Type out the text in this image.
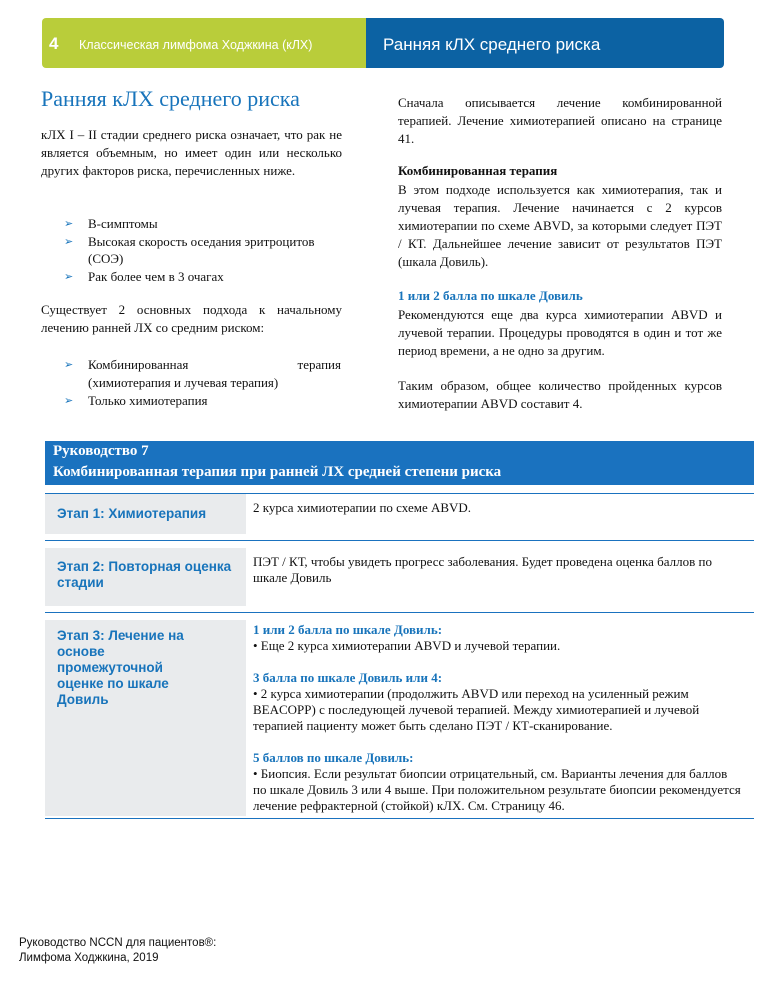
4 Классическая лимфома Ходжкина (кЛХ)	Ранняя кЛХ среднего риска
Ранняя кЛХ среднего риска
кЛХ I – II стадии среднего риска означает, что рак не является объемным, но имеет один или несколько других факторов риска, перечисленных ниже.
➢ В-симптомы
➢ Высокая скорость оседания эритроцитов
(СОЭ)
➢ Рак более чем в 3 очагах
Существует 2 основных подхода к начальному лечению ранней ЛХ со средним риском:
➢ Комбинированная терапия
(химиотерапия и лучевая терапия)
➢ Только химиотерапия
Сначала описывается лечение комбинированной терапией. Лечение химиотерапией описано на странице 41.
Комбинированная терапия
В этом подходе используется как химиотерапия, так и лучевая терапия. Лечение начинается с 2 курсов химиотерапии по схеме ABVD, за которыми следует ПЭТ / КТ. Дальнейшее лечение зависит от результатов ПЭТ (шкала Довиль).
1 или 2 балла по шкале Довиль
Рекомендуются еще два курса химиотерапии ABVD и лучевой терапии. Процедуры проводятся в один и тот же период времени, а не одно за другим.
Таким образом, общее количество пройденных курсов химиотерапии ABVD составит 4.
Руководство 7
Комбинированная терапия при ранней ЛХ средней степени риска
Этап 1: Химиотерапия	2 курса химиотерапии по схеме ABVD.
Этап 2: Повторная оценка стадии
ПЭТ / КТ, чтобы увидеть прогресс заболевания. Будет проведена оценка баллов по шкале Довиль
Этап 3: Лечение на основе промежуточной оценке по шкале Довиль

1 или 2 балла по шкале Довиль:

• Еще 2 курса химиотерапии ABVD и лучевой терапии.

3 балла по шкале Довиль или 4:

• 2 курса химиотерапии (продолжить ABVD или переход на усиленный режим BEACOPP) с последующей лучевой терапией. Между химиотерапией и лучевой терапией пациенту может быть сделано ПЭТ / КТ-сканирование.

5 баллов по шкале Довиль:

• Биопсия. Если результат биопсии отрицательный, см. Варианты лечения для баллов по шкале Довиль 3 или 4 выше. При положительном результате биопсии рекомендуется лечение рефрактерной (стойкой) кЛХ. См. Страницу 46.

Руководство NCCN для пациентов®:
Лимфома Ходжкина, 2019
